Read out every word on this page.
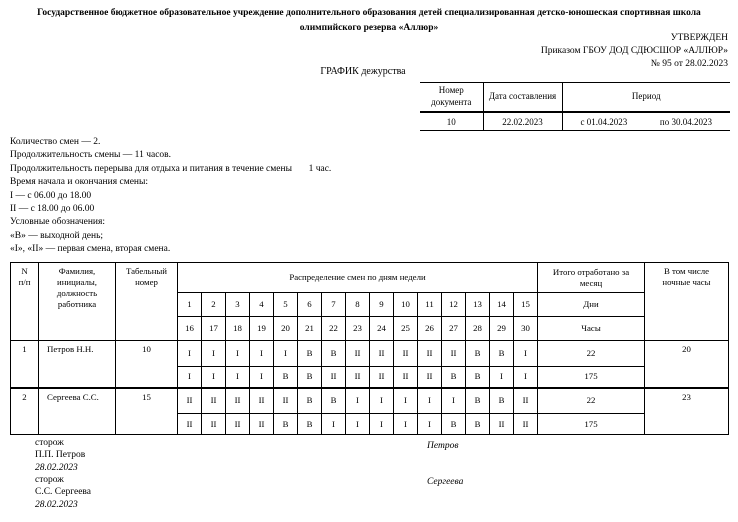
Государственное бюджетное образовательное учреждение дополнительного образования детей специализированная детско-юношеская спортивная школа олимпийского резерва «Аллюр»
УТВЕРЖДЕН
Приказом ГБОУ ДОД СДЮСШОР «АЛЛЮР»
№ 95 от 28.02.2023
ГРАФИК дежурства
Номер документа	Дата составления	Период
10	22.02.2023	с 01.04.2023 по 30.04.2023
Количество смен — 2.
Продолжительность смены — 11 часов.
Продолжительность перерыва для отдыха и питания в течение смены       1 час.
Время начала и окончания смены:
I — с 06.00 до 18.00
II — с 18.00 до 06.00
Условные обозначения:
«В» — выходной день;
«I», «II» — первая смена, вторая смена.
N п/п	Фамилия, инициалы, должность работника	Табельный номер	Распределение смен по дням недели															Итого отработано за месяц	В том числе ночные часы
			1	2	3	4	5	6	7	8	9	10	11	12	13	14	15	Дни	
			16	17	18	19	20	21	22	23	24	25	26	27	28	29	30	Часы	
1	Петров Н.Н.	10	I	I	I	I	I	В	В	II	II	II	II	II	В	В	I	22	20
			I	I	I	I	В	В	II	II	II	II	II	В	В	I	I	175	
2	Сергеева С.С.	15	II	II	II	II	II	В	В	I	I	I	I	I	В	В	II	22	23
			II	II	II	II	В	В	I	I	I	I	I	В	В	II	II	175	
сторож
П.П. Петров
28.02.2023
Петров
сторож
С.С. Сергеева
28.02.2023
Сергеева
